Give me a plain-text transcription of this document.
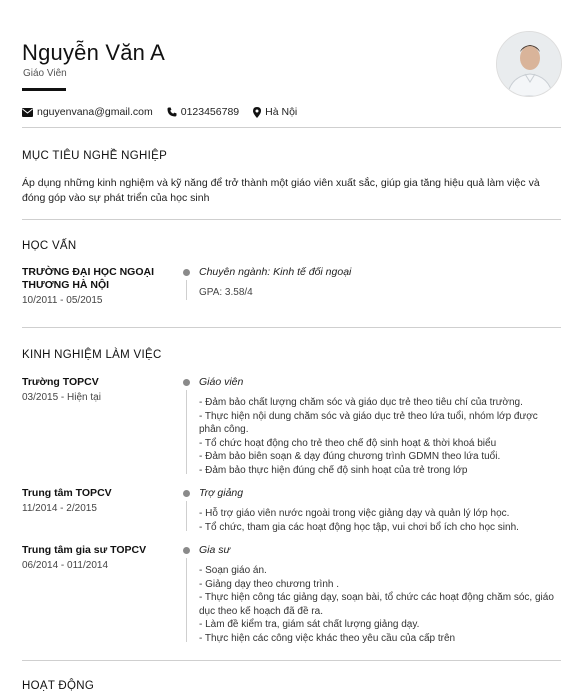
Nguyễn Văn A
Giáo Viên
nguyenvana@gmail.com	0123456789 Hà Nội
MỤC TIÊU NGHỀ NGHIỆP
Áp dụng những kinh nghiệm và kỹ năng để trở thành một giáo viên xuất sắc, giúp gia tăng hiệu quả làm việc và đóng góp vào sự phát triển của học sinh
HỌC VẤN
TRƯỜNG ĐẠI HỌC NGOẠI THƯƠNG HÀ NỘI
10/2011 - 05/2015
Chuyên ngành: Kinh tế đối ngoại
GPA: 3.58/4
KINH NGHIỆM LÀM VIỆC
Trường TOPCV
03/2015 - Hiện tại
Giáo viên
- Đảm bảo chất lượng chăm sóc và giáo dục trẻ theo tiêu chí của trường.
- Thực hiện nội dung chăm sóc và giáo dục trẻ theo lứa tuổi, nhóm lớp được phân công.
- Tổ chức hoạt động cho trẻ theo chế độ sinh hoạt & thời khoá biểu
- Đảm bảo biên soạn & dạy đúng chương trình GDMN theo lứa tuổi.
- Đảm bảo thực hiện đúng chế độ sinh hoạt của trẻ trong lớp
Trung tâm TOPCV
11/2014 - 2/2015
Trợ giảng
- Hỗ trợ giáo viên nước ngoài trong việc giảng dạy và quản lý lớp học.
- Tổ chức, tham gia các hoạt động học tập, vui chơi bổ ích cho học sinh.
Trung tâm gia sư TOPCV
06/2014 - 011/2014
Gia sư
- Soạn giáo án.
- Giảng dạy theo chương trình .
- Thực hiện công tác giảng dạy, soạn bài, tổ chức các hoạt động chăm sóc, giáo dục theo kế hoạch đã đề ra.
- Làm đề kiểm tra, giám sát chất lượng giảng dạy.
- Thực hiện các công việc khác theo yêu cầu của cấp trên
HOẠT ĐỘNG
